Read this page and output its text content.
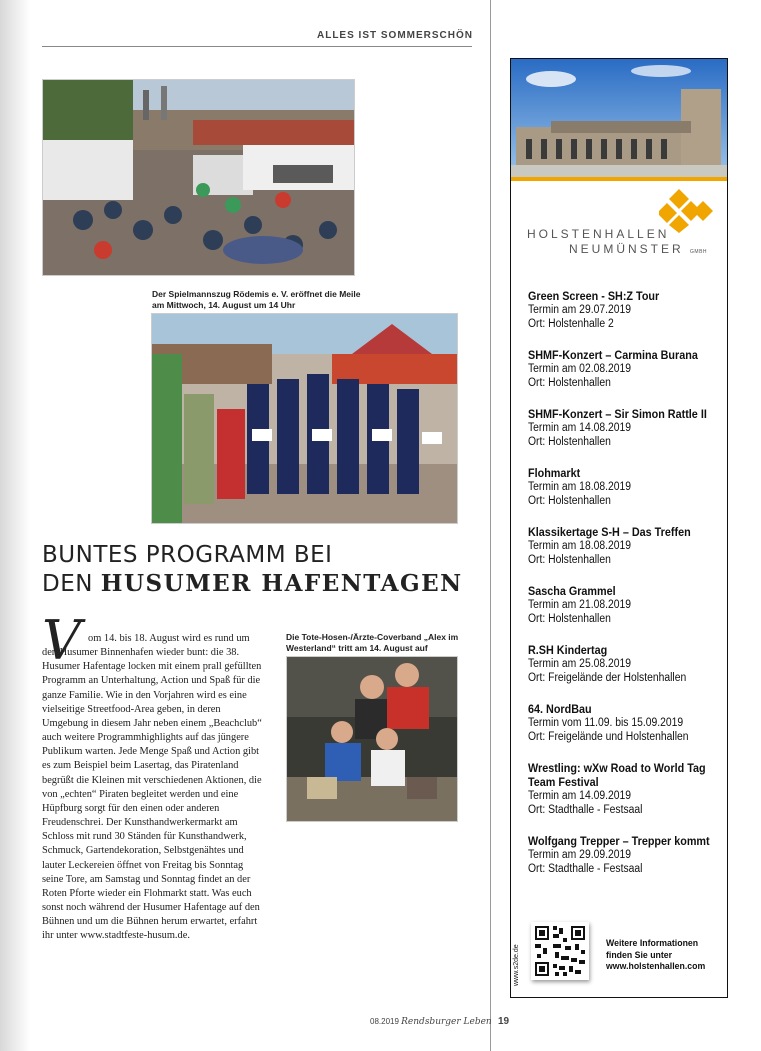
ALLES IST SOMMERSCHÖN
Der Spielmannszug Rödemis e. V. eröffnet die Meile am Mittwoch, 14. August um 14 Uhr
BUNTES PROGRAMM BEI
DEN HUSUMER HAFENTAGEN
V om 14. bis 18. August wird es rund um den Husumer Binnenhafen wieder bunt: die 38. Husumer Hafentage locken mit einem prall gefüllten Programm an Unterhaltung, Action und Spaß für die ganze Familie. Wie in den Vorjahren wird es eine vielseitige Streetfood-Area geben, in deren Umgebung in diesem Jahr neben einem „Beachclub“ auch weitere Programmhighlights auf das jüngere Publikum warten. Jede Menge Spaß und Action gibt es zum Beispiel beim Lasertag, das Piratenland begrüßt die Kleinen mit verschiedenen Aktionen, die von „echten“ Piraten begleitet werden und eine Hüpfburg sorgt für den einen oder anderen Freudenschrei. Der Kunsthandwerkermarkt am Schloss mit rund 30 Ständen für Kunsthandwerk, Schmuck, Gartendekoration, Selbstgenähtes und lauter Leckereien öffnet von Freitag bis Sonntag seine Tore, am Samstag und Sonntag findet an der Roten Pforte wieder ein Flohmarkt statt. Was euch sonst noch während der Husumer Hafentage auf den Bühnen und um die Bühnen herum erwartet, erfahrt ihr unter www.stadtfeste-husum.de.
Die Tote-Hosen-/Ärzte-Coverband „Alex im Westerland“ tritt am 14. August auf
08.2019 Rendsburger Leben 19
HOLSTENHALLEN
NEUMÜNSTER GMBH
Green Screen - SH:Z Tour
Termin am 29.07.2019
Ort: Holstenhalle 2
SHMF-Konzert – Carmina Burana
Termin am 02.08.2019
Ort: Holstenhallen
SHMF-Konzert – Sir Simon Rattle II
Termin am 14.08.2019
Ort: Holstenhallen
Flohmarkt
Termin am 18.08.2019
Ort: Holstenhallen
Klassikertage S-H – Das Treffen
Termin am 18.08.2019
Ort: Holstenhallen
Sascha Grammel
Termin am 21.08.2019
Ort: Holstenhallen
R.SH Kindertag
Termin am 25.08.2019
Ort: Freigelände der Holstenhallen
64. NordBau
Termin vom 11.09. bis 15.09.2019
Ort: Freigelände und Holstenhallen
Wrestling: wXw Road to World Tag Team Festival
Termin am 14.09.2019
Ort: Stadthalle - Festsaal
Wolfgang Trepper – Trepper kommt
Termin am 29.09.2019
Ort: Stadthalle - Festsaal
www.s2de.de
Weitere Informationen
finden Sie unter
www.holstenhallen.com
